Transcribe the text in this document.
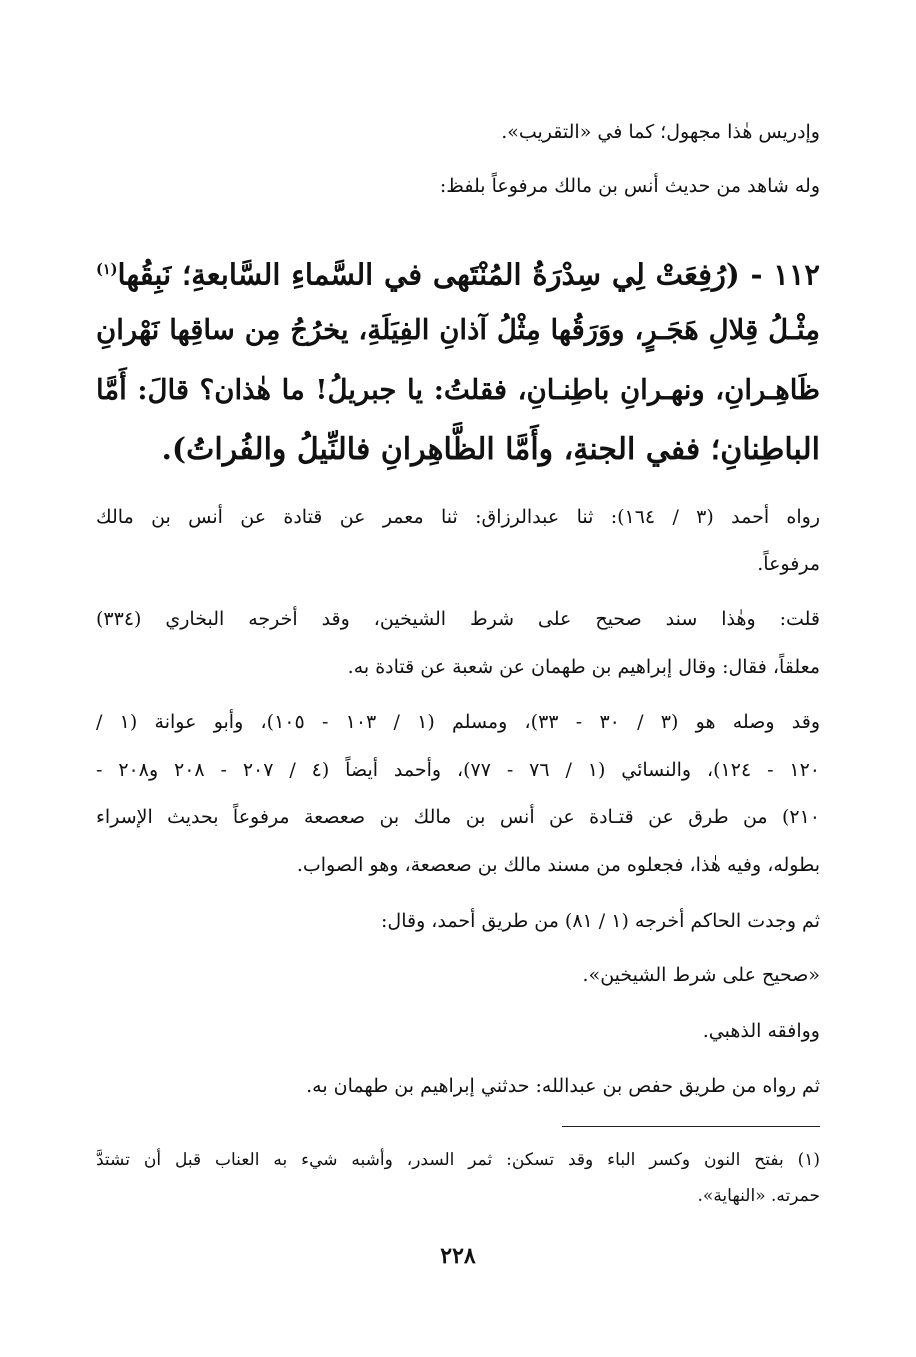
وإدريس هٰذا مجهول؛ كما في «التقريب».
وله شاهد من حديث أنس بن مالك مرفوعاً بلفظ:
١١٢ - (رُفِعَتْ لِي سِدْرَةُ المُنْتَهى في السَّماءِ السَّابعةِ؛ نَبِقُها$^{(١)}$
مِثْـلُ قِلالِ هَجَـرٍ، ووَرَقُها مِثْلُ آذانِ الفِيَلَةِ، يخرُجُ مِن ساقِها نَهْرانِ
ظَاهِـرانِ، ونهـرانِ باطِنـانِ، فقلتُ: يا جبريلُ! ما هٰذان؟ قالَ: أَمَّا
الباطِنانِ؛ ففي الجنةِ، وأَمَّا الظَّاهِرانِ فالنِّيلُ والفُراتُ).
رواه أحمد (٣ / ١٦٤): ثنا عبدالرزاق: ثنا معمر عن قتادة عن أنس بن مالك
مرفوعاً.
قلت: وهٰذا سند صحيح على شرط الشيخين، وقد أخرجه البخاري (٣٣٤)
معلقاً، فقال: وقال إبراهيم بن طهمان عن شعبة عن قتادة به.
وقد وصله هو (٣ / ٣٠ - ٣٣)، ومسلم (١ / ١٠٣ - ١٠٥)، وأبو عوانة (١ /
١٢٠ - ١٢٤)، والنسائي (١ / ٧٦ - ٧٧)، وأحمد أيضاً (٤ / ٢٠٧ - ٢٠٨ و٢٠٨ -
٢١٠) من طرق عن قتـادة عن أنس بن مالك بن صعصعة مرفوعاً بحديث الإسراء
بطوله، وفيه هٰذا، فجعلوه من مسند مالك بن صعصعة، وهو الصواب.
ثم وجدت الحاكم أخرجه (١ / ٨١) من طريق أحمد، وقال:
«صحيح على شرط الشيخين».
ووافقه الذهبي.
ثم رواه من طريق حفص بن عبدالله: حدثني إبراهيم بن طهمان به.
(١) بفتح النون وكسر الباء وقد تسكن: ثمر السدر، وأشبه شيء به العناب قبل أن تشتدَّ
حمرته. «النهاية».
٢٢٨
